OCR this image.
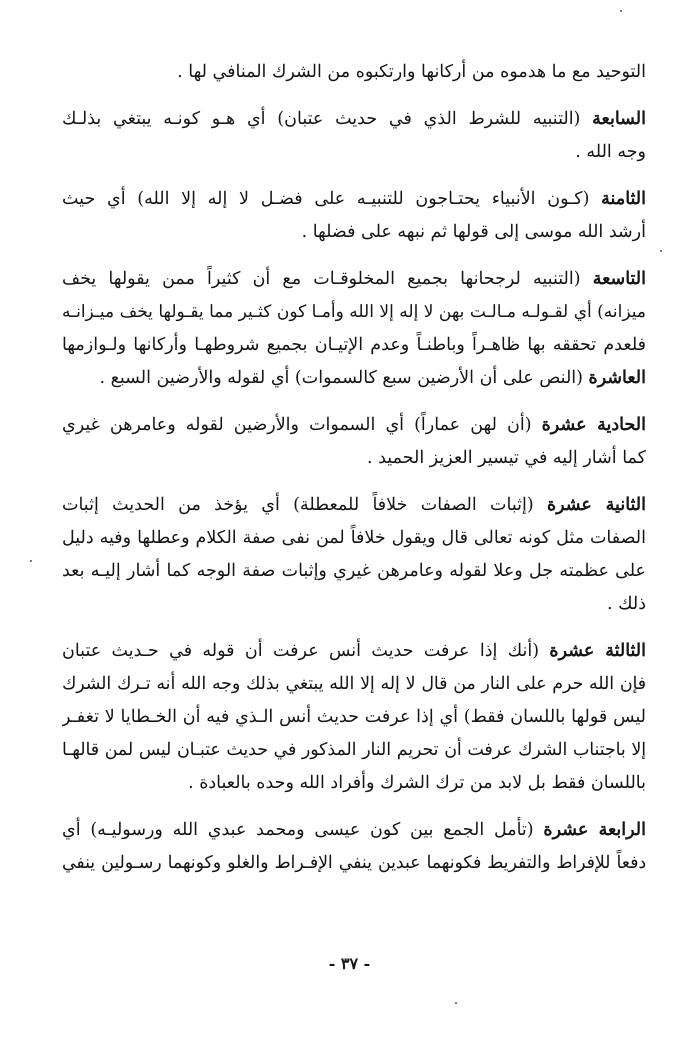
التوحيد مع ما هدموه من أركانها وارتكبوه من الشرك المنافي لها .
السابعة (التنبيه للشرط الذي في حديث عتبان) أي هـو كونـه يبتغي بذلـك
وجه الله .
الثامنة (كـون الأنبياء يحتـاجون للتنبيـه على فضـل لا إله إلا الله) أي حيث
أرشد الله موسى إلى قولها ثم نبهه على فضلها .
التاسعة (التنبيه لرجحانها بجميع المخلوقـات مع أن كثيراً ممن يقولها يخف
ميزانه) أي لقـولـه مـالـت بهن لا إله إلا الله وأمـا كون كثـير مما يقـولها يخف ميـزانـه
فلعدم تحققه بها ظاهـراً وباطنـاً وعدم الإتيـان بجميع شروطهـا وأركانها ولـوازمها
العاشرة (النص على أن الأرضين سبع كالسموات) أي لقوله والأرضين السبع .
الحادية عشرة (أن لهن عماراً) أي السموات والأرضين لقوله وعامرهن غيري
كما أشار إليه في تيسير العزيز الحميد .
الثانية عشرة (إثبات الصفات خلافاً للمعطلة) أي يؤخذ من الحديث إثبات
الصفات مثل كونه تعالى قال ويقول خلافاً لمن نفى صفة الكلام وعطلها وفيه دليل
على عظمته جل وعلا لقوله وعامرهن غيري وإثبات صفة الوجه كما أشار إليـه بعد
ذلك .
الثالثة عشرة (أنك إذا عرفت حديث أنس عرفت أن قوله في حـديث عتبان
فإن الله حرم على النار من قال لا إله إلا الله يبتغي بذلك وجه الله أنه تـرك الشرك
ليس قولها باللسان فقط) أي إذا عرفت حديث أنس الـذي فيه أن الخـطايا لا تغفـر
إلا باجتناب الشرك عرفت أن تحريم النار المذكور في حديث عتبـان ليس لمن قالهـا
باللسان فقط بل لابد من ترك الشرك وأفراد الله وحده بالعبادة .
الرابعة عشرة (تأمل الجمع بين كون عيسى ومحمد عبدي الله ورسوليـه) أي
دفعاً للإفراط والتفريط فكونهما عبدين ينفي الإفـراط والغلو وكونهما رسـولين ينفي
- ٣٧ -
